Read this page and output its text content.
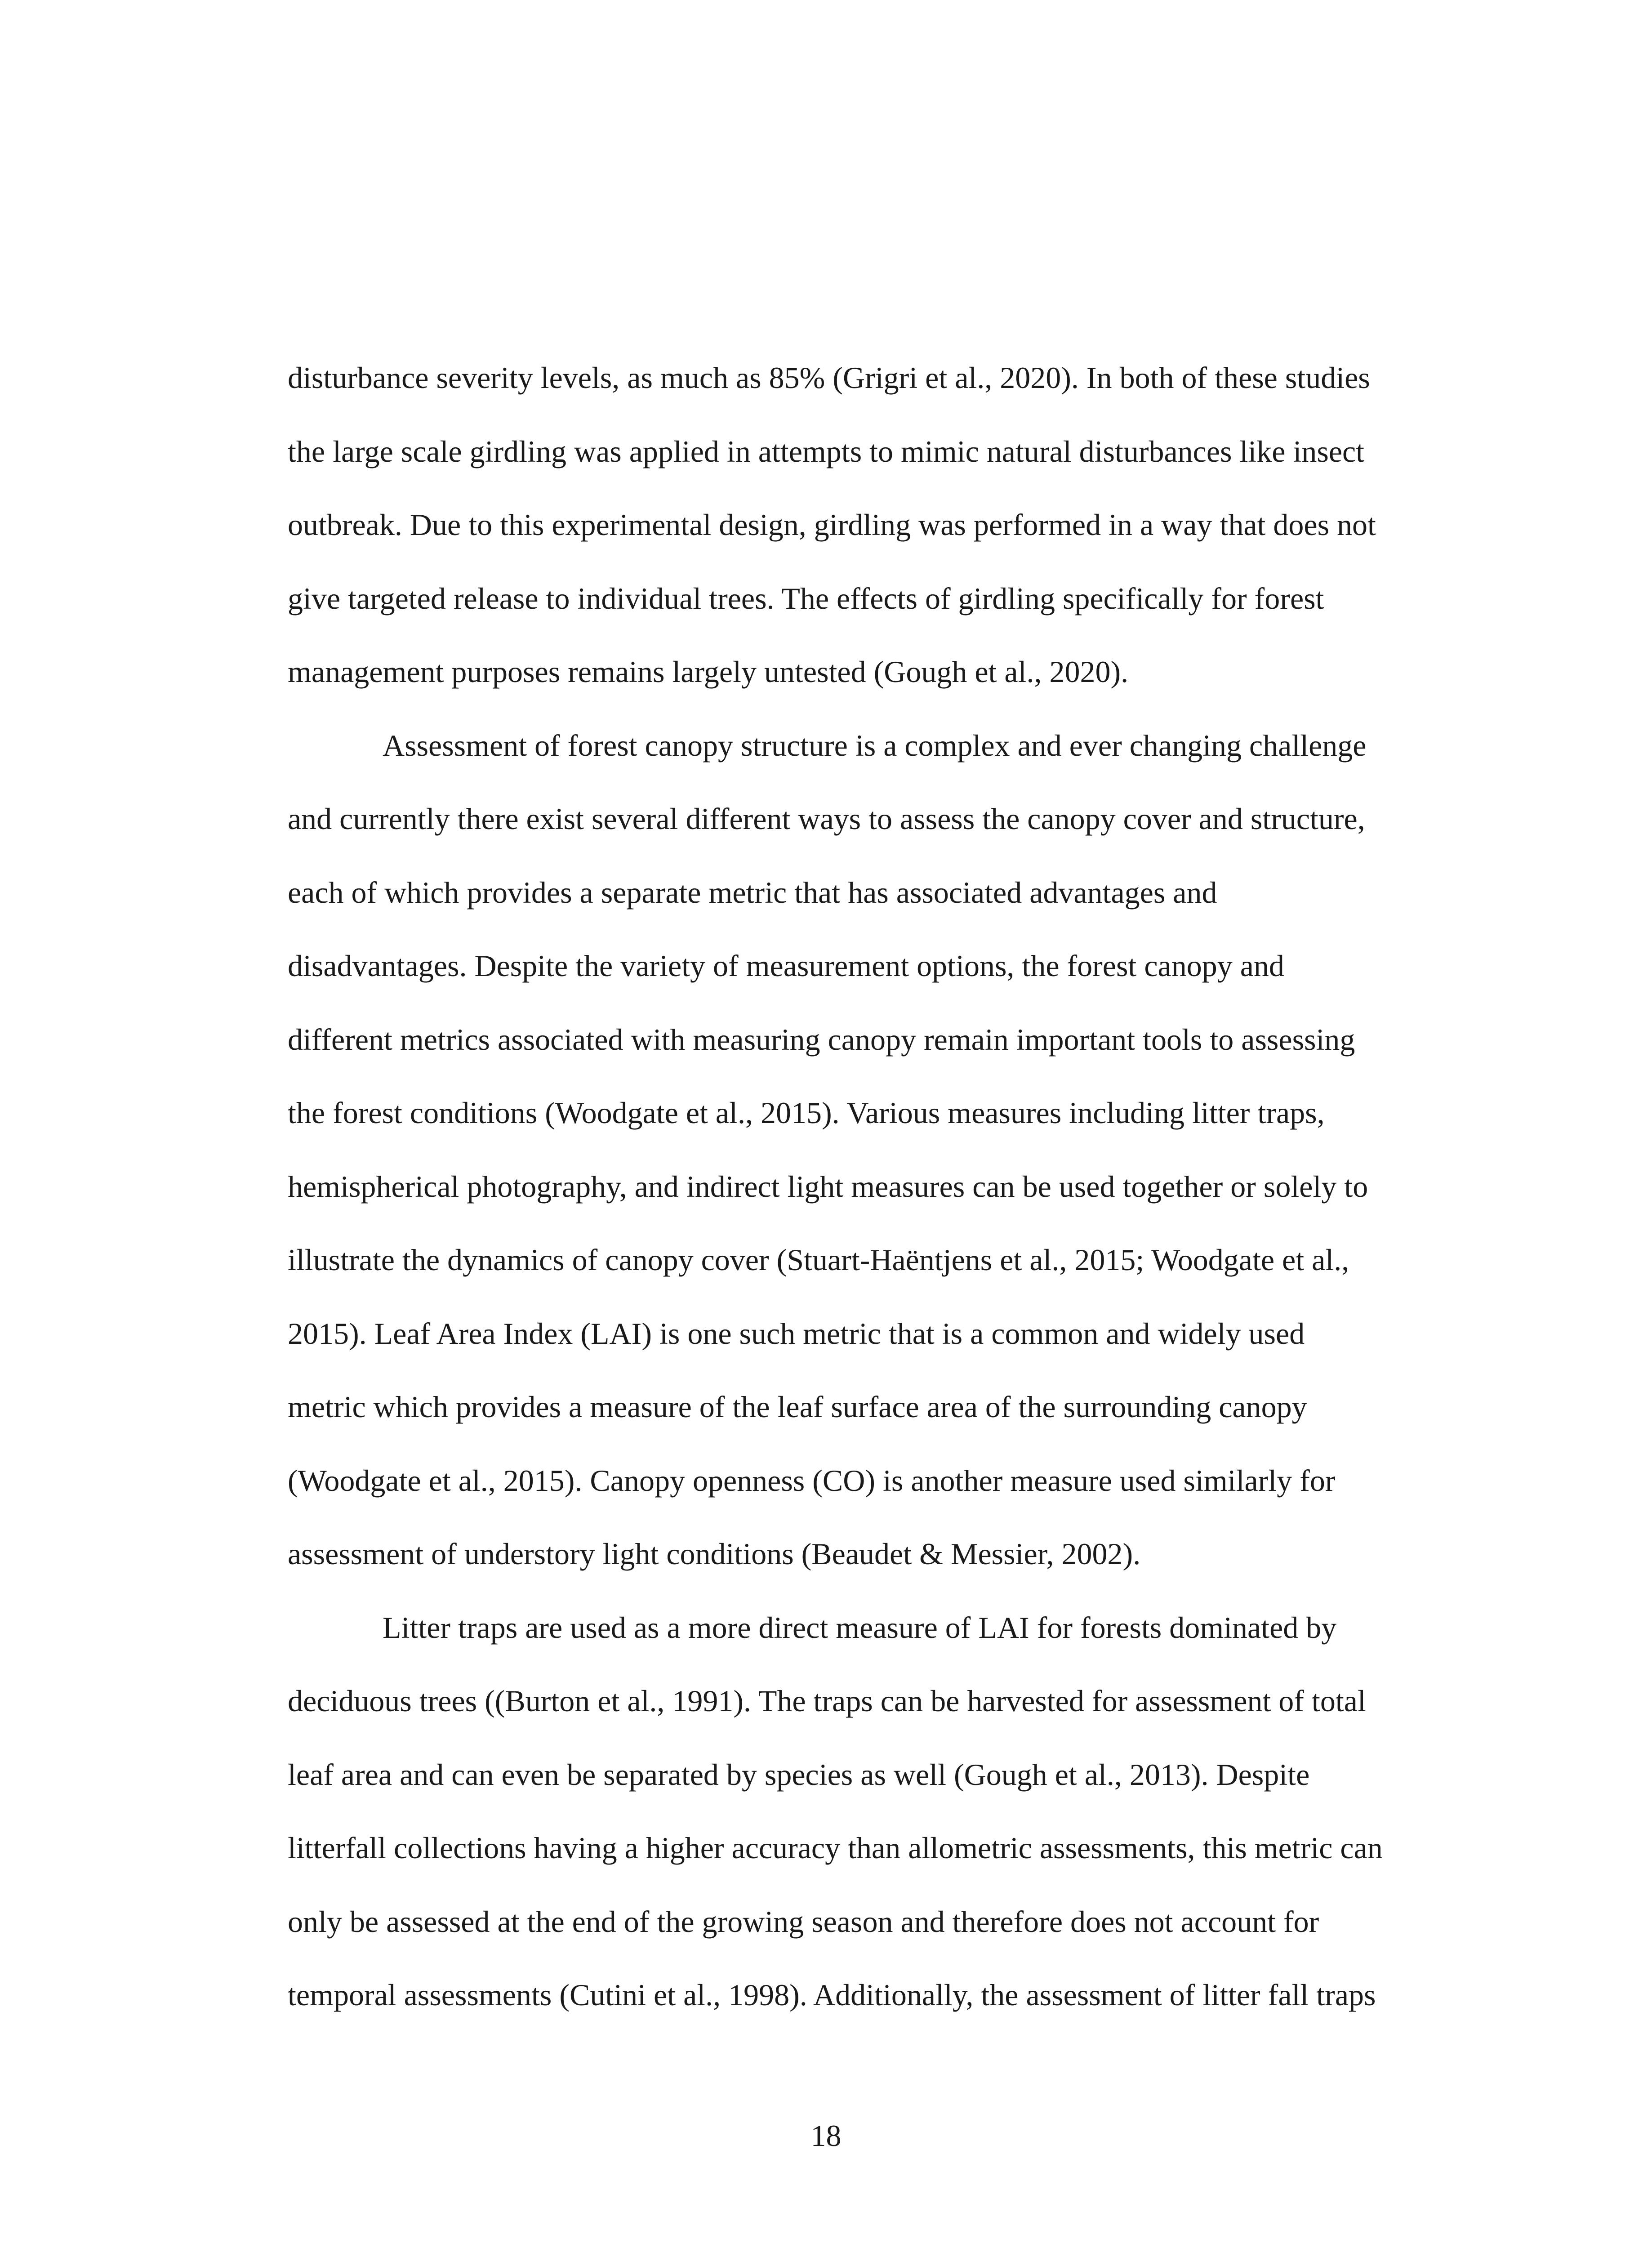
disturbance severity levels, as much as 85% (Grigri et al., 2020). In both of these studies
the large scale girdling was applied in attempts to mimic natural disturbances like insect
outbreak. Due to this experimental design, girdling was performed in a way that does not
give targeted release to individual trees. The effects of girdling specifically for forest
management purposes remains largely untested (Gough et al., 2020).
Assessment of forest canopy structure is a complex and ever changing challenge
and currently there exist several different ways to assess the canopy cover and structure,
each of which provides a separate metric that has associated advantages and
disadvantages. Despite the variety of measurement options, the forest canopy and
different metrics associated with measuring canopy remain important tools to assessing
the forest conditions (Woodgate et al., 2015). Various measures including litter traps,
hemispherical photography, and indirect light measures can be used together or solely to
illustrate the dynamics of canopy cover (Stuart-Haëntjens et al., 2015; Woodgate et al.,
2015). Leaf Area Index (LAI) is one such metric that is a common and widely used
metric which provides a measure of the leaf surface area of the surrounding canopy
(Woodgate et al., 2015). Canopy openness (CO) is another measure used similarly for
assessment of understory light conditions (Beaudet & Messier, 2002).
Litter traps are used as a more direct measure of LAI for forests dominated by
deciduous trees ((Burton et al., 1991). The traps can be harvested for assessment of total
leaf area and can even be separated by species as well (Gough et al., 2013). Despite
litterfall collections having a higher accuracy than allometric assessments, this metric can
only be assessed at the end of the growing season and therefore does not account for
temporal assessments (Cutini et al., 1998). Additionally, the assessment of litter fall traps
18
